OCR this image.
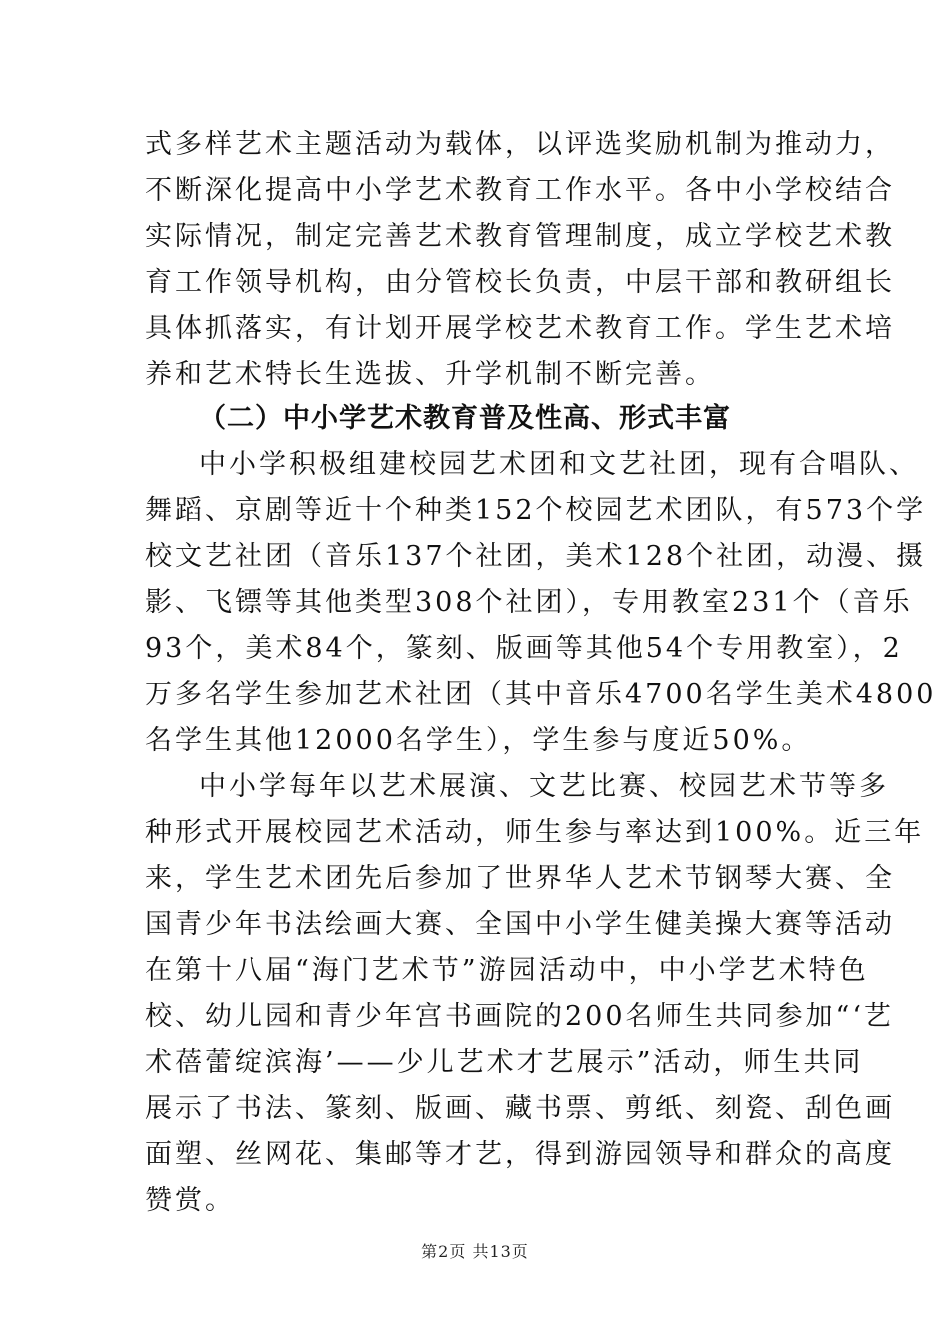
式多样艺术主题活动为载体，以评选奖励机制为推动力，
不断深化提高中小学艺术教育工作水平。各中小学校结合
实际情况，制定完善艺术教育管理制度，成立学校艺术教
育工作领导机构，由分管校长负责，中层干部和教研组长
具体抓落实，有计划开展学校艺术教育工作。学生艺术培
养和艺术特长生选拔、升学机制不断完善。
（二）中小学艺术教育普及性高、形式丰富
中小学积极组建校园艺术团和文艺社团，现有合唱队、
舞蹈、京剧等近十个种类152个校园艺术团队，有573个学
校文艺社团（音乐137个社团，美术128个社团，动漫、摄
影、飞镖等其他类型308个社团），专用教室231个（音乐
93个，美术84个，篆刻、版画等其他54个专用教室），2
万多名学生参加艺术社团（其中音乐4700名学生美术4800
名学生其他12000名学生），学生参与度近50%。
中小学每年以艺术展演、文艺比赛、校园艺术节等多
种形式开展校园艺术活动，师生参与率达到100%。近三年
来，学生艺术团先后参加了世界华人艺术节钢琴大赛、全
国青少年书法绘画大赛、全国中小学生健美操大赛等活动
在第十八届“海门艺术节”游园活动中，中小学艺术特色
校、幼儿园和青少年宫书画院的200名师生共同参加“‘艺
术蓓蕾绽滨海’——少儿艺术才艺展示”活动，师生共同
展示了书法、篆刻、版画、藏书票、剪纸、刻瓷、刮色画
面塑、丝网花、集邮等才艺，得到游园领导和群众的高度
赞赏。
第2页 共13页
